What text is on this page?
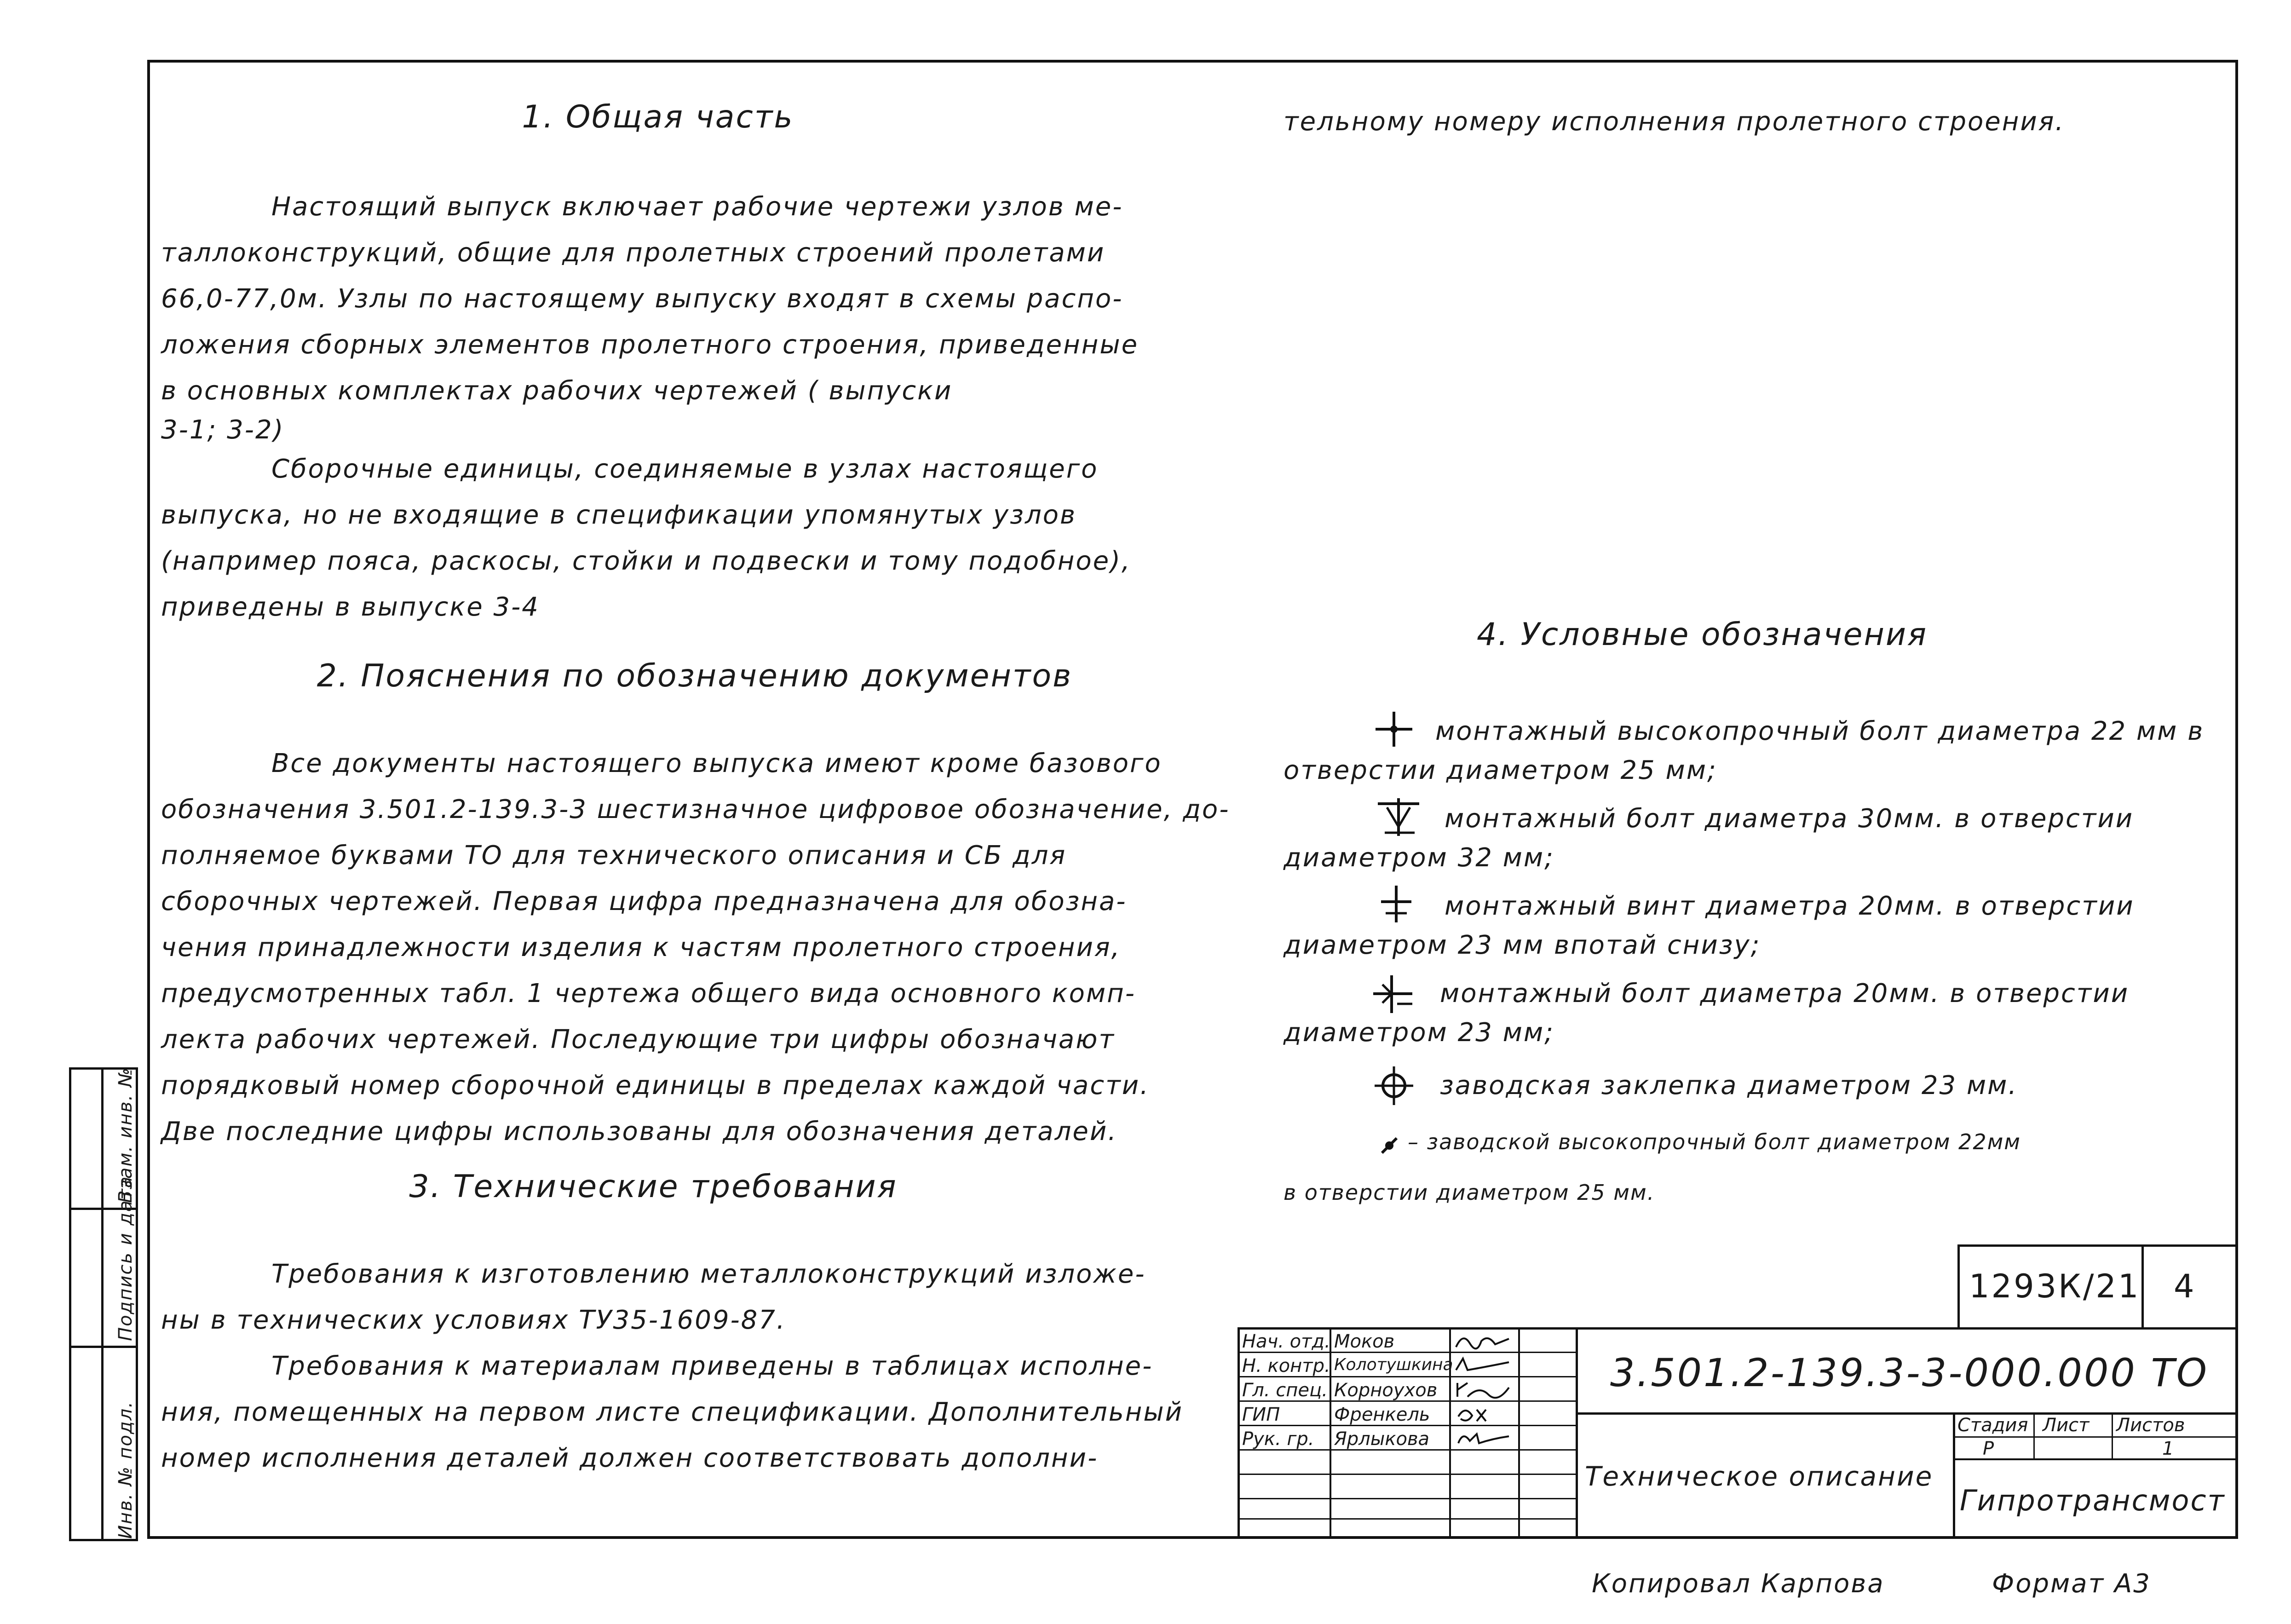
1. Общая часть
Настоящий выпуск включает рабочие чертежи узлов ме-
таллоконструкций, общие для пролетных строений пролетами
66,0-77,0м. Узлы по настоящему выпуску входят в схемы распо-
ложения сборных элементов пролетного строения, приведенные
в основных комплектах рабочих чертежей ( выпуски
3-1; 3-2)
Сборочные единицы, соединяемые в узлах настоящего
выпуска, но не входящие в спецификации упомянутых узлов
(например пояса, раскосы, стойки и подвески и тому подобное),
приведены в выпуске 3-4
2. Пояснения по обозначению документов
Все документы настоящего выпуска имеют кроме базового
обозначения 3.501.2-139.3-3 шестизначное цифровое обозначение, до-
полняемое буквами ТО для технического описания и СБ для
сборочных чертежей. Первая цифра предназначена для обозна-
чения принадлежности изделия к частям пролетного строения,
предусмотренных табл. 1 чертежа общего вида основного комп-
лекта рабочих чертежей. Последующие три цифры обозначают
порядковый номер сборочной единицы в пределах каждой части.
Две последние цифры использованы для обозначения деталей.
3. Технические требования
Требования к изготовлению металлоконструкций изложе-
ны в технических условиях ТУ35-1609-87.
Требования к материалам приведены в таблицах исполне-
ния, помещенных на первом листе спецификации. Дополнительный
номер исполнения деталей должен соответствовать дополни-
тельному номеру исполнения пролетного строения.
4. Условные обозначения
монтажный высокопрочный болт диаметра 22 мм в
отверстии диаметром 25 мм;
монтажный болт диаметра 30мм. в отверстии
диаметром 32 мм;
монтажный винт диаметра 20мм. в отверстии
диаметром 23 мм впотай снизу;
монтажный болт диаметра 20мм. в отверстии
диаметром 23 мм;
заводская заклепка диаметром 23 мм.
– заводской высокопрочный болт диаметром 22мм
в отверстии диаметром 25 мм.
Инв. № подл.
Подпись и дата
Взам. инв. №
1293К/21 4
Нач. отд.
Н. контр.
Гл. спец.
ГИП
Рук. гр.
Моков
Колотушкина
Корноухов
Френкель
Ярлыкова
3.501.2-139.3-3-000.000 ТО
Техническое описание
Стадия Лист Листов
Р	1
Гипротрансмост
Копировал Карпова	Формат А3
